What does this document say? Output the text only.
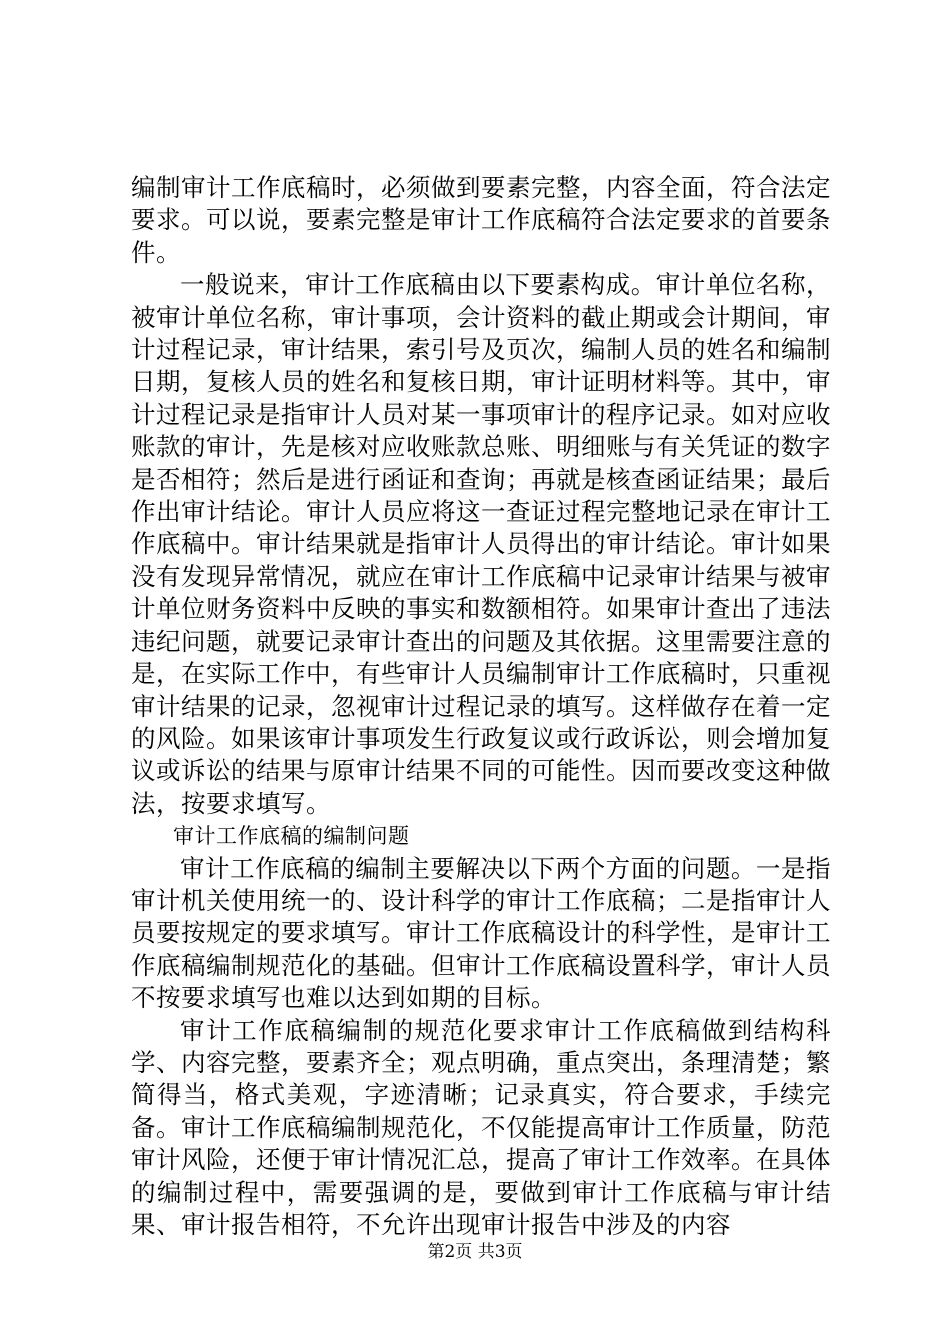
编制审计工作底稿时，必须做到要素完整，内容全面，符合法定要求。可以说，要素完整是审计工作底稿符合法定要求的首要条件。

一般说来，审计工作底稿由以下要素构成。审计单位名称，被审计单位名称，审计事项，会计资料的截止期或会计期间，审计过程记录，审计结果，索引号及页次，编制人员的姓名和编制日期，复核人员的姓名和复核日期，审计证明材料等。其中，审计过程记录是指审计人员对某一事项审计的程序记录。如对应收账款的审计，先是核对应收账款总账、明细账与有关凭证的数字是否相符；然后是进行函证和查询；再就是核查函证结果；最后作出审计结论。审计人员应将这一查证过程完整地记录在审计工作底稿中。审计结果就是指审计人员得出的审计结论。审计如果没有发现异常情况，就应在审计工作底稿中记录审计结果与被审计单位财务资料中反映的事实和数额相符。如果审计查出了违法违纪问题，就要记录审计查出的问题及其依据。这里需要注意的是，在实际工作中，有些审计人员编制审计工作底稿时，只重视审计结果的记录，忽视审计过程记录的填写。这样做存在着一定的风险。如果该审计事项发生行政复议或行政诉讼，则会增加复议或诉讼的结果与原审计结果不同的可能性。因而要改变这种做法，按要求填写。

审计工作底稿的编制问题

审计工作底稿的编制主要解决以下两个方面的问题。一是指审计机关使用统一的、设计科学的审计工作底稿；二是指审计人员要按规定的要求填写。审计工作底稿设计的科学性，是审计工作底稿编制规范化的基础。但审计工作底稿设置科学，审计人员不按要求填写也难以达到如期的目标。

审计工作底稿编制的规范化要求审计工作底稿做到结构科学、内容完整，要素齐全；观点明确，重点突出，条理清楚；繁简得当，格式美观，字迹清晰；记录真实，符合要求，手续完备。审计工作底稿编制规范化，不仅能提高审计工作质量，防范审计风险，还便于审计情况汇总，提高了审计工作效率。在具体的编制过程中，需要强调的是，要做到审计工作底稿与审计结果、审计报告相符，不允许出现审计报告中涉及的内容

第2页 共3页
